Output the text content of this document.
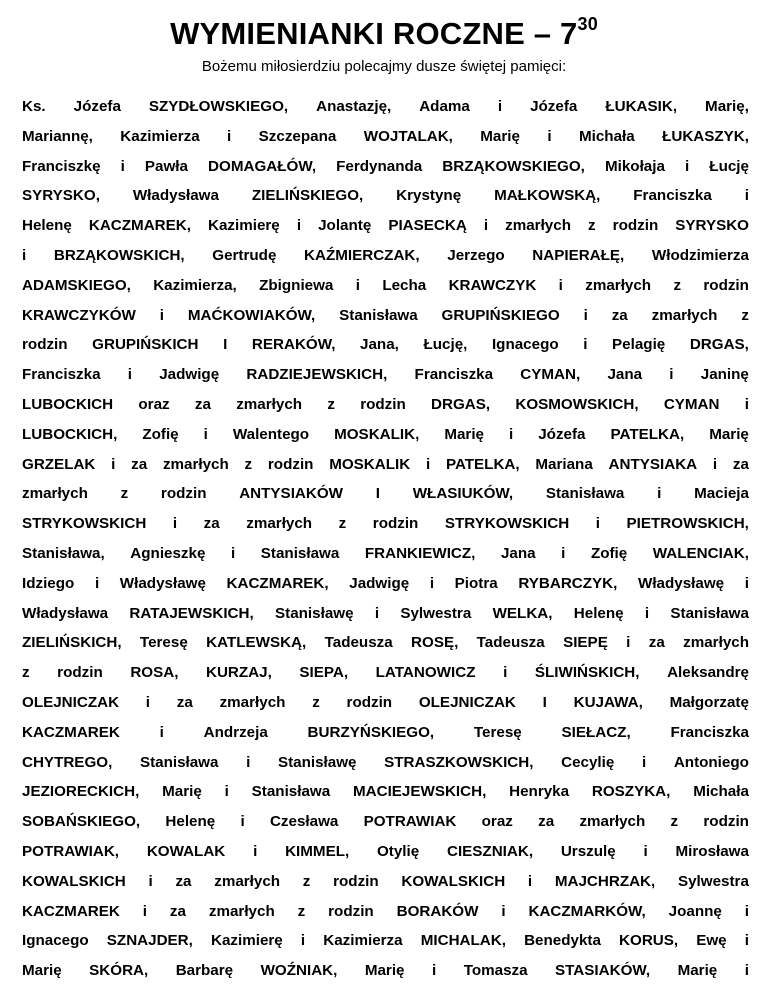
WYMIENIANKI ROCZNE – $7^{30}$
Bożemu miłosierdziu polecajmy dusze świętej pamięci:
Ks. Józefa SZYDŁOWSKIEGO, Anastazję, Adama i Józefa ŁUKASIK, Marię,
Mariannę, Kazimierza i Szczepana WOJTALAK, Marię i Michała ŁUKASZYK,
Franciszkę i Pawła DOMAGAŁÓW, Ferdynanda BRZĄKOWSKIEGO, Mikołaja i Łucję
SYRYSKO, Władysława ZIELIŃSKIEGO, Krystynę MAŁKOWSKĄ, Franciszka i
Helenę KACZMAREK, Kazimierę i Jolantę PIASECKĄ i zmarłych z rodzin SYRYSKO
i BRZĄKOWSKICH, Gertrudę KAŹMIERCZAK, Jerzego NAPIERAŁĘ, Włodzimierza
ADAMSKIEGO, Kazimierza, Zbigniewa i Lecha KRAWCZYK i zmarłych z rodzin
KRAWCZYKÓW i MAĆKOWIAKÓW, Stanisława GRUPIŃSKIEGO i za zmarłych z
rodzin GRUPIŃSKICH I RERAKÓW, Jana, Łucję, Ignacego i Pelagię DRGAS,
Franciszka i Jadwigę RADZIEJEWSKICH, Franciszka CYMAN, Jana i Janinę
LUBOCKICH oraz za zmarłych z rodzin DRGAS, KOSMOWSKICH, CYMAN i
LUBOCKICH, Zofię i Walentego MOSKALIK, Marię i Józefa PATELKA, Marię
GRZELAK i za zmarłych z rodzin MOSKALIK i PATELKA, Mariana ANTYSIAKA i za
zmarłych z rodzin ANTYSIAKÓW I WŁASIUKÓW, Stanisława i Macieja
STRYKOWSKICH i za zmarłych z rodzin STRYKOWSKICH i PIETROWSKICH,
Stanisława, Agnieszkę i Stanisława FRANKIEWICZ, Jana i Zofię WALENCIAK,
Idziego i Władysławę KACZMAREK, Jadwigę i Piotra RYBARCZYK, Władysławę i
Władysława RATAJEWSKICH, Stanisławę i Sylwestra WELKA, Helenę i Stanisława
ZIELIŃSKICH, Teresę KATLEWSKĄ, Tadeusza ROSĘ, Tadeusza SIEPĘ i za zmarłych
z rodzin ROSA, KURZAJ, SIEPA, LATANOWICZ i ŚLIWIŃSKICH, Aleksandrę
OLEJNICZAK i za zmarłych z rodzin OLEJNICZAK I KUJAWA, Małgorzatę
KACZMAREK	i	Andrzeja	BURZYŃSKIEGO,	Teresę	SIEŁACZ,	Franciszka
CHYTREGO, Stanisława i Stanisławę STRASZKOWSKICH, Cecylię i Antoniego
JEZIORECKICH, Marię i Stanisława MACIEJEWSKICH, Henryka ROSZYKA, Michała
SOBAŃSKIEGO, Helenę i Czesława POTRAWIAK oraz za zmarłych z rodzin
POTRAWIAK, KOWALAK i KIMMEL, Otylię CIESZNIAK, Urszulę i Mirosława
KOWALSKICH i za zmarłych z rodzin KOWALSKICH i MAJCHRZAK, Sylwestra
KACZMAREK i za zmarłych z rodzin BORAKÓW i KACZMARKÓW, Joannę i
Ignacego SZNAJDER, Kazimierę i Kazimierza MICHALAK, Benedykta KORUS, Ewę i
Marię SKÓRA, Barbarę WOŹNIAK, Marię i Tomasza STASIAKÓW, Marię i
